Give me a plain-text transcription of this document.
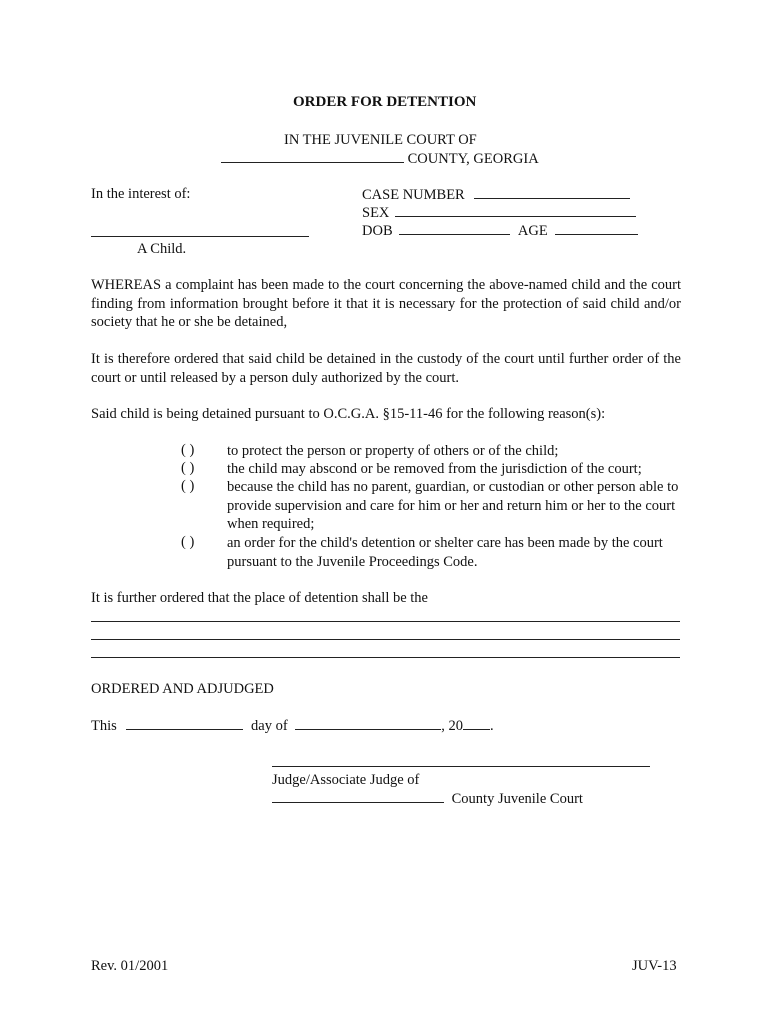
ORDER FOR DETENTION
IN THE JUVENILE COURT OF
COUNTY, GEORGIA
In the interest of:
A Child.
CASE NUMBER
SEX
DOB	AGE
WHEREAS a complaint has been made to the court concerning the above-named child and the court finding from information brought before it that it is necessary for the protection of said child and/or society that he or she be detained,
It is therefore ordered that said child be detained in the custody of the court until further order of the court or until released by a person duly authorized by the court.
Said child is being detained pursuant to O.C.G.A. §15-11-46 for the following reason(s):
( ) to protect the person or property of others or of the child;
( ) the child may abscond or be removed from the jurisdiction of the court;
( ) because the child has no parent, guardian, or custodian or other person able to provide supervision and care for him or her and return him or her to the court when required;
( ) an order for the child's detention or shelter care has been made by the court pursuant to the Juvenile Proceedings Code.
It is further ordered that the place of detention shall be the
ORDERED AND ADJUDGED
This	day of	, 20 .
Judge/Associate Judge of
County Juvenile Court
Rev. 01/2001	JUV-13
